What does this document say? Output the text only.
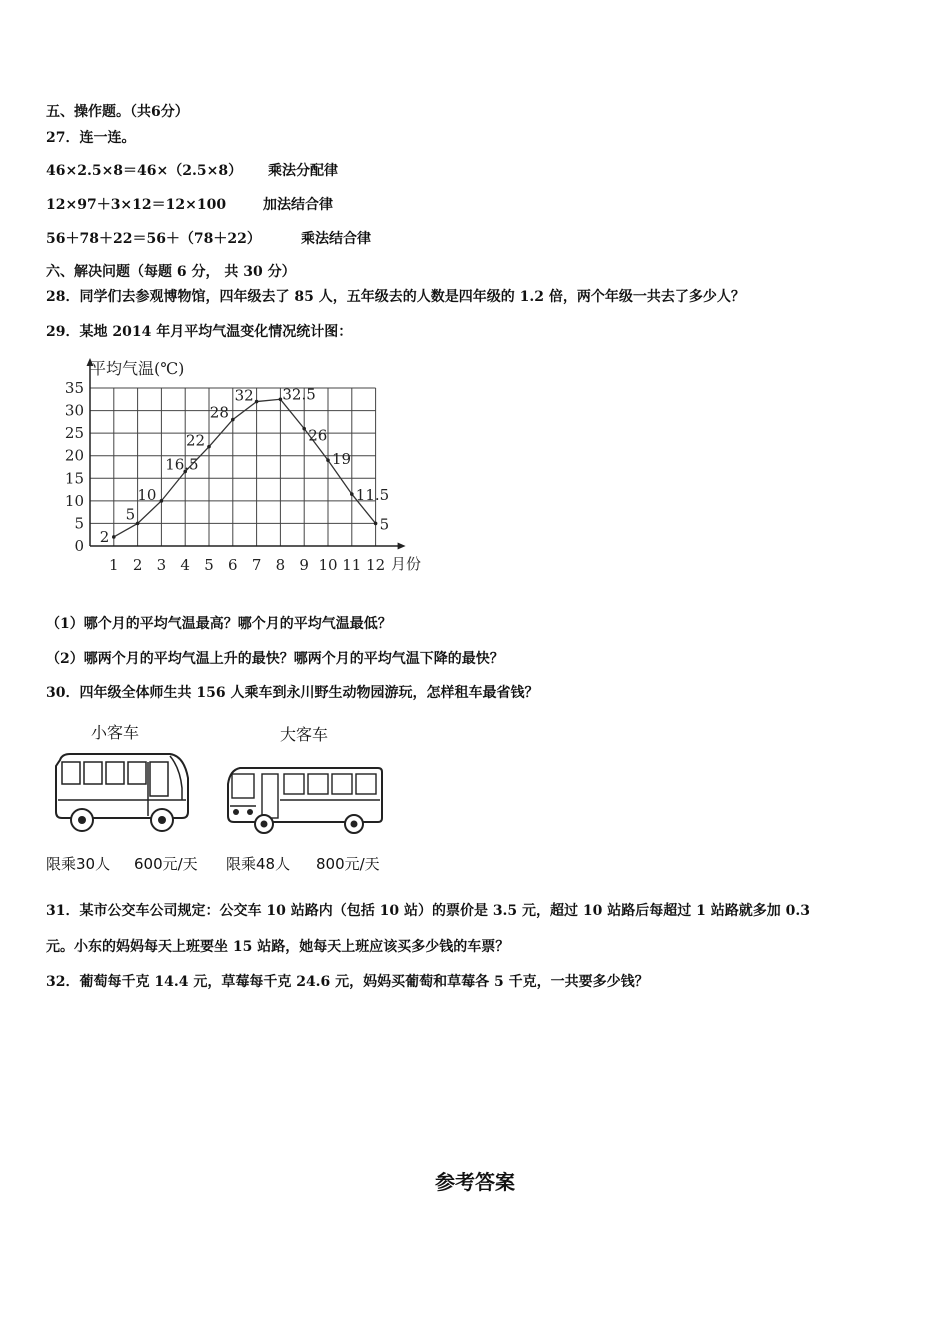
五、操作题。（共6分）
27．连一连。
46×2.5×8＝46×（2.5×8） 乘法分配律
12×97＋3×12＝12×100	加法结合律
56＋78＋22＝56＋（78＋22）	乘法结合律
六、解决问题（每题 6 分， 共 30 分）
28．同学们去参观博物馆，四年级去了 85 人，五年级去的人数是四年级的 1.2 倍，两个年级一共去了多少人？
29．某地 2014 年月平均气温变化情况统计图：
0
5
10
15
20
25
30
35
1 2 3 4 5 6 7 8 9 10 11 12
2
5
10
16.5
22
28
32 32.5
26
19
11.5
5
平均气温(℃)
月份
（1）哪个月的平均气温最高？哪个月的平均气温最低？
（2）哪两个月的平均气温上升的最快？哪两个月的平均气温下降的最快？
30．四年级全体师生共 156 人乘车到永川野生动物园游玩，怎样租车最省钱？
小客车
限乘30人 600元/天
大客车
限乘48人 800元/天
31．某市公交车公司规定：公交车 10 站路内（包括 10 站）的票价是 3.5 元，超过 10 站路后每超过 1 站路就多加 0.3
元。小东的妈妈每天上班要坐 15 站路，她每天上班应该买多少钱的车票？
32．葡萄每千克 14.4 元，草莓每千克 24.6 元，妈妈买葡萄和草莓各 5 千克，一共要多少钱？
参考答案
